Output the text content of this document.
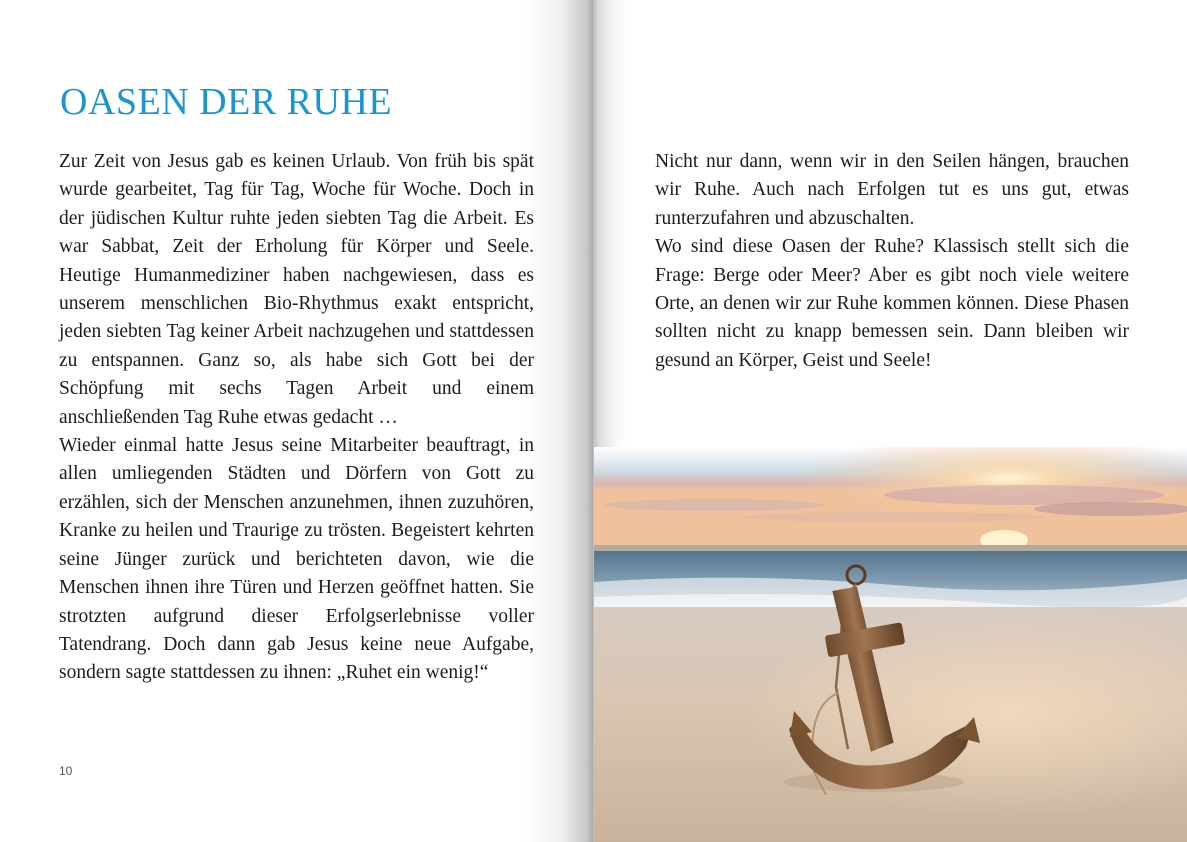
OASEN DER RUHE

Zur Zeit von Jesus gab es keinen Urlaub. Von früh bis spät wurde gearbeitet, Tag für Tag, Woche für Woche. Doch in der jüdischen Kultur ruhte jeden siebten Tag die Arbeit. Es war Sabbat, Zeit der Erholung für Körper und Seele. Heutige Humanmediziner haben nachgewiesen, dass es unserem menschlichen Bio-Rhythmus exakt entspricht, jeden siebten Tag keiner Arbeit nachzugehen und stattdessen zu entspannen. Ganz so, als habe sich Gott bei der Schöpfung mit sechs Tagen Arbeit und einem anschließenden Tag Ruhe etwas gedacht …

Wieder einmal hatte Jesus seine Mitarbeiter beauftragt, in allen umliegenden Städten und Dörfern von Gott zu erzählen, sich der Menschen anzunehmen, ihnen zuzuhören, Kranke zu heilen und Traurige zu trösten. Begeistert kehrten seine Jünger zurück und berichteten davon, wie die Menschen ihnen ihre Türen und Herzen geöffnet hatten. Sie strotzten aufgrund dieser Erfolgserlebnisse voller Tatendrang. Doch dann gab Jesus keine neue Aufgabe, sondern sagte stattdessen zu ihnen: „Ruhet ein wenig!“

Nicht nur dann, wenn wir in den Seilen hängen, brauchen wir Ruhe. Auch nach Erfolgen tut es uns gut, etwas runterzufahren und abzuschalten.

Wo sind diese Oasen der Ruhe? Klassisch stellt sich die Frage: Berge oder Meer? Aber es gibt noch viele weitere Orte, an denen wir zur Ruhe kommen können. Diese Phasen sollten nicht zu knapp bemessen sein. Dann bleiben wir gesund an Körper, Geist und Seele!

10
